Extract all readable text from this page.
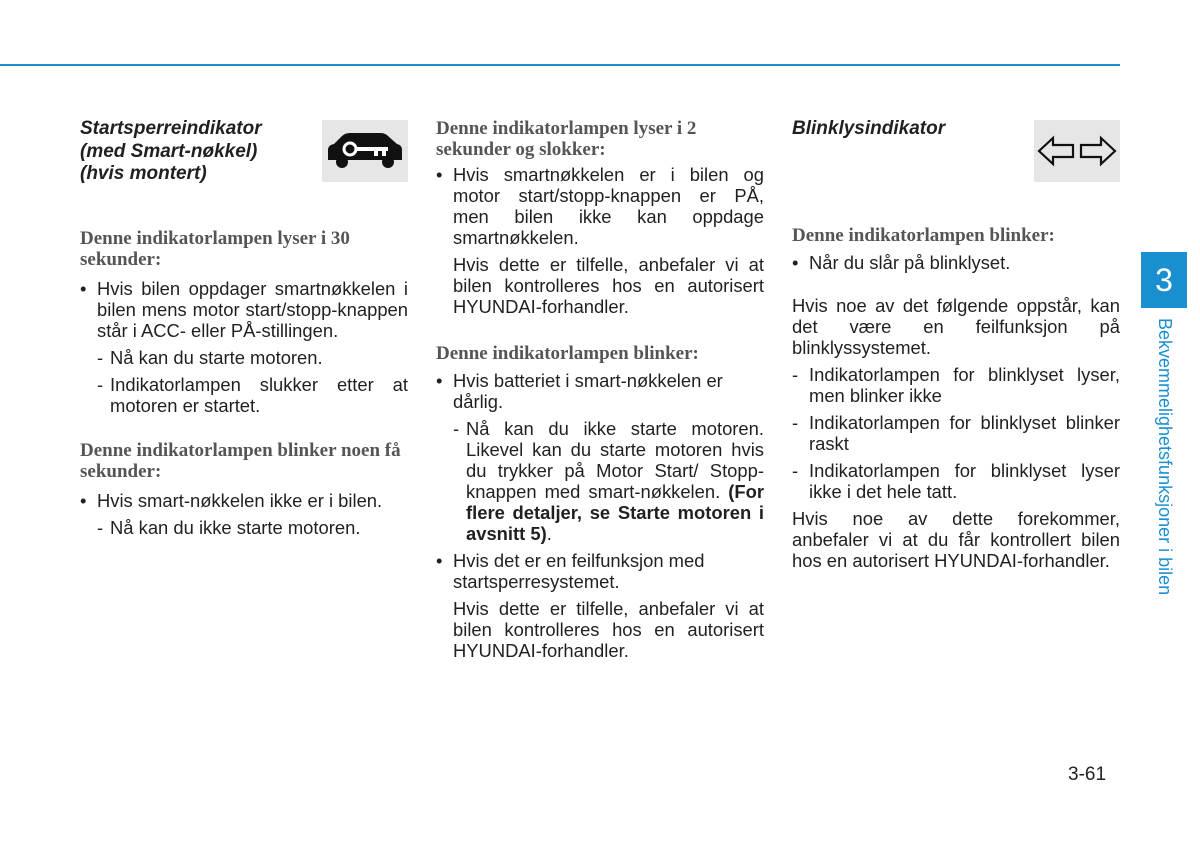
Startsperreindikator
(med Smart-nøkkel)
(hvis montert)

Denne indikatorlampen lyser i 30 sekunder:

• Hvis bilen oppdager smartnøkkelen i bilen mens motor start/stopp-knappen står i ACC- eller PÅ-stillingen.

- Nå kan du starte motoren.

- Indikatorlampen slukker etter at motoren er startet.

Denne indikatorlampen blinker noen få sekunder:

• Hvis smart-nøkkelen ikke er i bilen.

- Nå kan du ikke starte motoren.

Denne indikatorlampen lyser i 2 sekunder og slokker:

• Hvis smartnøkkelen er i bilen og motor start/stopp-knappen er PÅ, men bilen ikke kan oppdage smartnøkkelen.

Hvis dette er tilfelle, anbefaler vi at bilen kontrolleres hos en autorisert HYUNDAI-forhandler.

Denne indikatorlampen blinker:

• Hvis batteriet i smart-nøkkelen er dårlig.

- Nå kan du ikke starte motoren. Likevel kan du starte motoren hvis du trykker på Motor Start/ Stopp-knappen med smart-nøkkelen. (For flere detaljer, se Starte motoren i avsnitt 5).

• Hvis det er en feilfunksjon med startsperresystemet.

Hvis dette er tilfelle, anbefaler vi at bilen kontrolleres hos en autorisert HYUNDAI-forhandler.

Blinklysindikator

Denne indikatorlampen blinker:

• Når du slår på blinklyset.

Hvis noe av det følgende oppstår, kan det være en feilfunksjon på blinklyssystemet.

- Indikatorlampen for blinklyset lyser, men blinker ikke

- Indikatorlampen for blinklyset blinker raskt

- Indikatorlampen for blinklyset lyser ikke i det hele tatt.

Hvis noe av dette forekommer, anbefaler vi at du får kontrollert bilen hos en autorisert HYUNDAI-forhandler.

3
Bekvemmelighetsfunksjoner i bilen
3-61
